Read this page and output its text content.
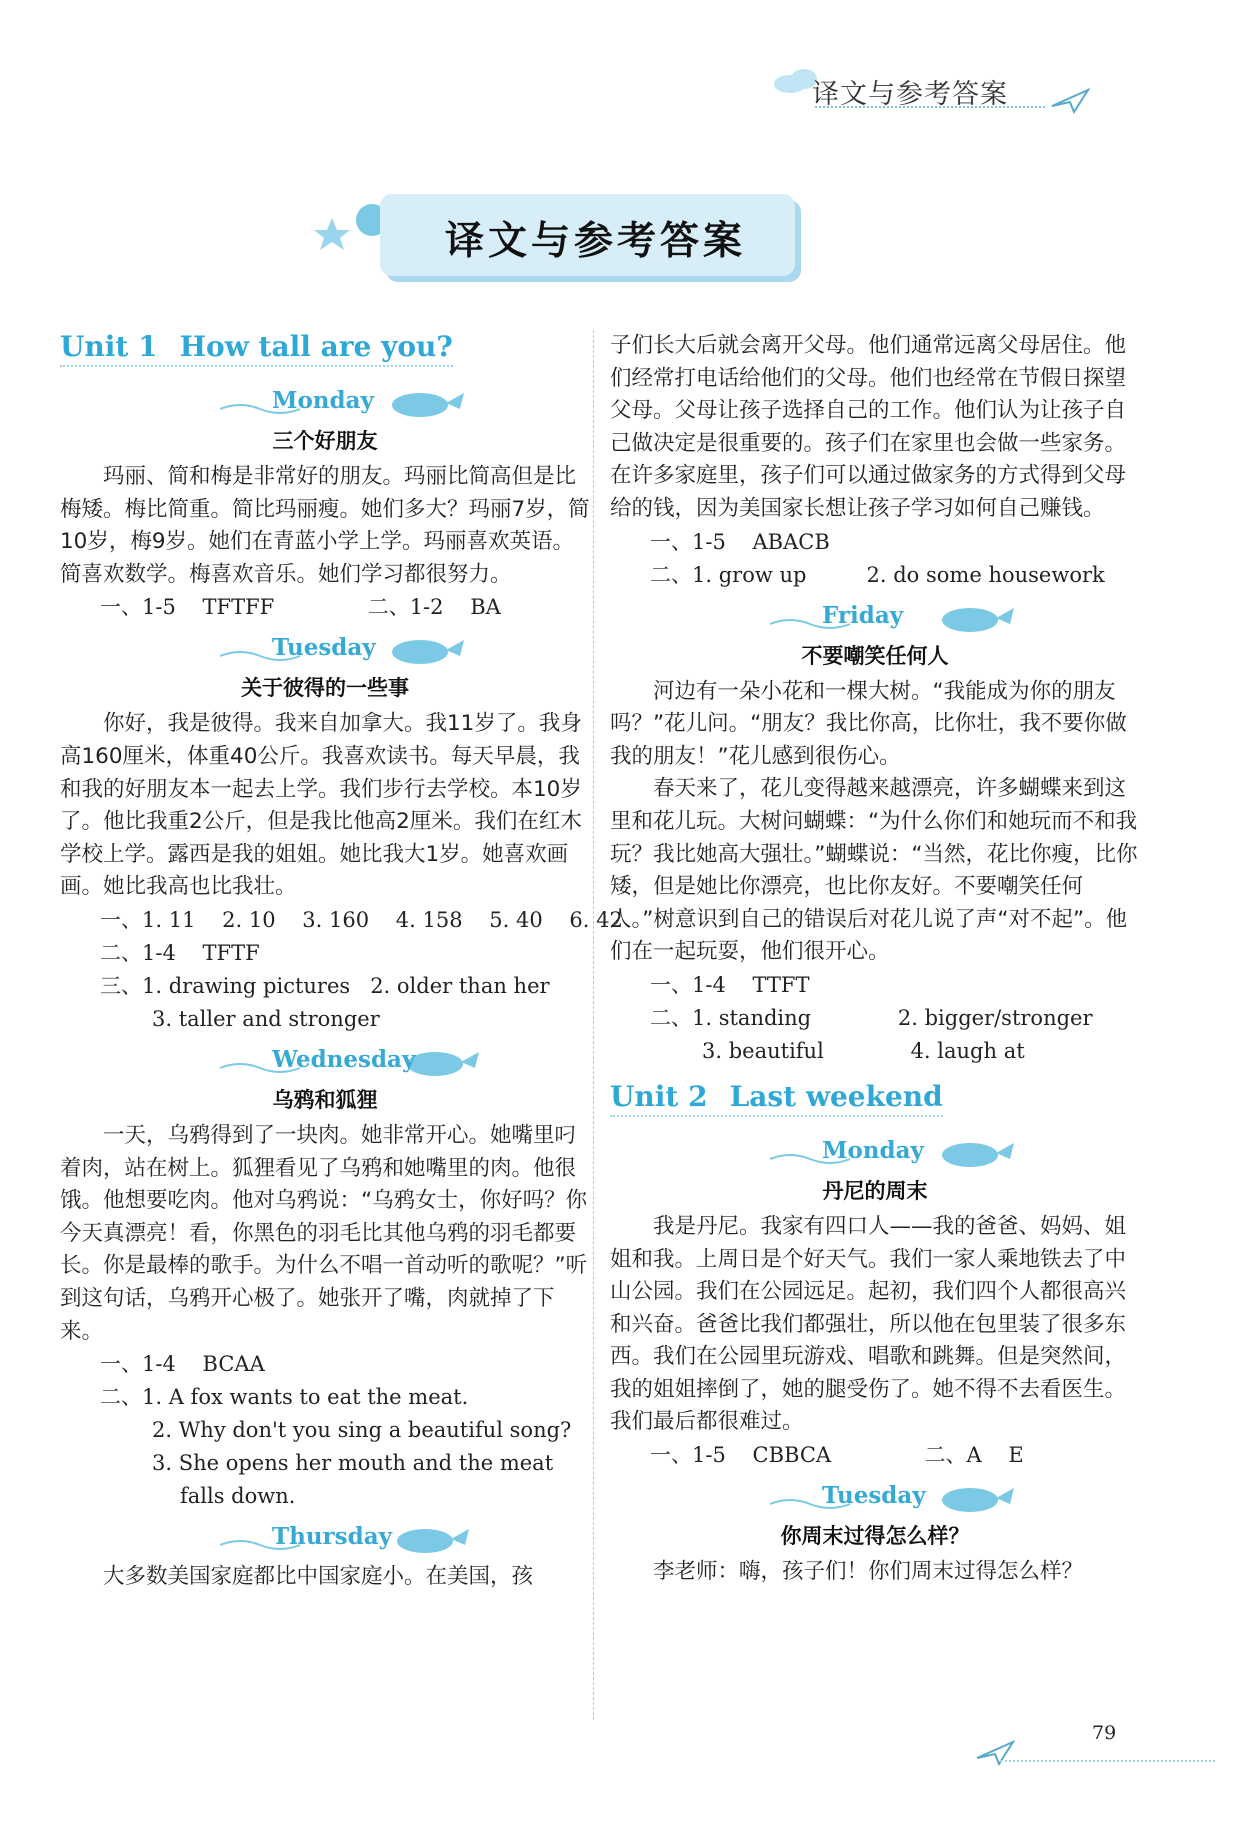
译文与参考答案
译文与参考答案
Unit 1 How tall are you?
Monday
三个好朋友

玛丽、简和梅是非常好的朋友。玛丽比简高但是比梅矮。梅比简重。简比玛丽瘦。她们多大？玛丽7岁，简10岁，梅9岁。她们在青蓝小学上学。玛丽喜欢英语。简喜欢数学。梅喜欢音乐。她们学习都很努力。

一、1-5    TFTFF              二、1-2    BA
Tuesday
关于彼得的一些事

你好，我是彼得。我来自加拿大。我11岁了。我身高160厘米，体重40公斤。我喜欢读书。每天早晨，我和我的好朋友本一起去上学。我们步行去学校。本10岁了。他比我重2公斤，但是我比他高2厘米。我们在红木学校上学。露西是我的姐姐。她比我大1岁。她喜欢画画。她比我高也比我壮。

一、1. 11    2. 10    3. 160    4. 158    5. 40    6. 42
二、1-4    TFTF
三、1. drawing pictures   2. older than her
3. taller and stronger
Wednesday
乌鸦和狐狸

一天，乌鸦得到了一块肉。她非常开心。她嘴里叼着肉，站在树上。狐狸看见了乌鸦和她嘴里的肉。他很饿。他想要吃肉。他对乌鸦说：“乌鸦女士，你好吗？你今天真漂亮！看，你黑色的羽毛比其他乌鸦的羽毛都要长。你是最棒的歌手。为什么不唱一首动听的歌呢？”听到这句话，乌鸦开心极了。她张开了嘴，肉就掉了下来。

一、1-4    BCAA
二、1. A fox wants to eat the meat.
2. Why don't you sing a beautiful song?
3. She opens her mouth and the meat
falls down.
Thursday

大多数美国家庭都比中国家庭小。在美国，孩

子们长大后就会离开父母。他们通常远离父母居住。他们经常打电话给他们的父母。他们也经常在节假日探望父母。父母让孩子选择自己的工作。他们认为让孩子自己做决定是很重要的。孩子们在家里也会做一些家务。在许多家庭里，孩子们可以通过做家务的方式得到父母给的钱，因为美国家长想让孩子学习如何自己赚钱。

一、1-5    ABACB
二、1. grow up         2. do some housework
Friday
不要嘲笑任何人

河边有一朵小花和一棵大树。“我能成为你的朋友吗？”花儿问。“朋友？我比你高，比你壮，我不要你做我的朋友！”花儿感到很伤心。

春天来了，花儿变得越来越漂亮，许多蝴蝶来到这里和花儿玩。大树问蝴蝶：“为什么你们和她玩而不和我玩？我比她高大强壮。”蝴蝶说：“当然，花比你瘦，比你矮，但是她比你漂亮，也比你友好。不要嘲笑任何人。”树意识到自己的错误后对花儿说了声“对不起”。他们在一起玩耍，他们很开心。

一、1-4    TTFT
二、1. standing             2. bigger/stronger
3. beautiful             4. laugh at
Unit 2 Last weekend
Monday
丹尼的周末

我是丹尼。我家有四口人——我的爸爸、妈妈、姐姐和我。上周日是个好天气。我们一家人乘地铁去了中山公园。我们在公园远足。起初，我们四个人都很高兴和兴奋。爸爸比我们都强壮，所以他在包里装了很多东西。我们在公园里玩游戏、唱歌和跳舞。但是突然间，我的姐姐摔倒了，她的腿受伤了。她不得不去看医生。我们最后都很难过。

一、1-5    CBBCA              二、A    E
Tuesday
你周末过得怎么样？

李老师：嗨，孩子们！你们周末过得怎么样？

79
